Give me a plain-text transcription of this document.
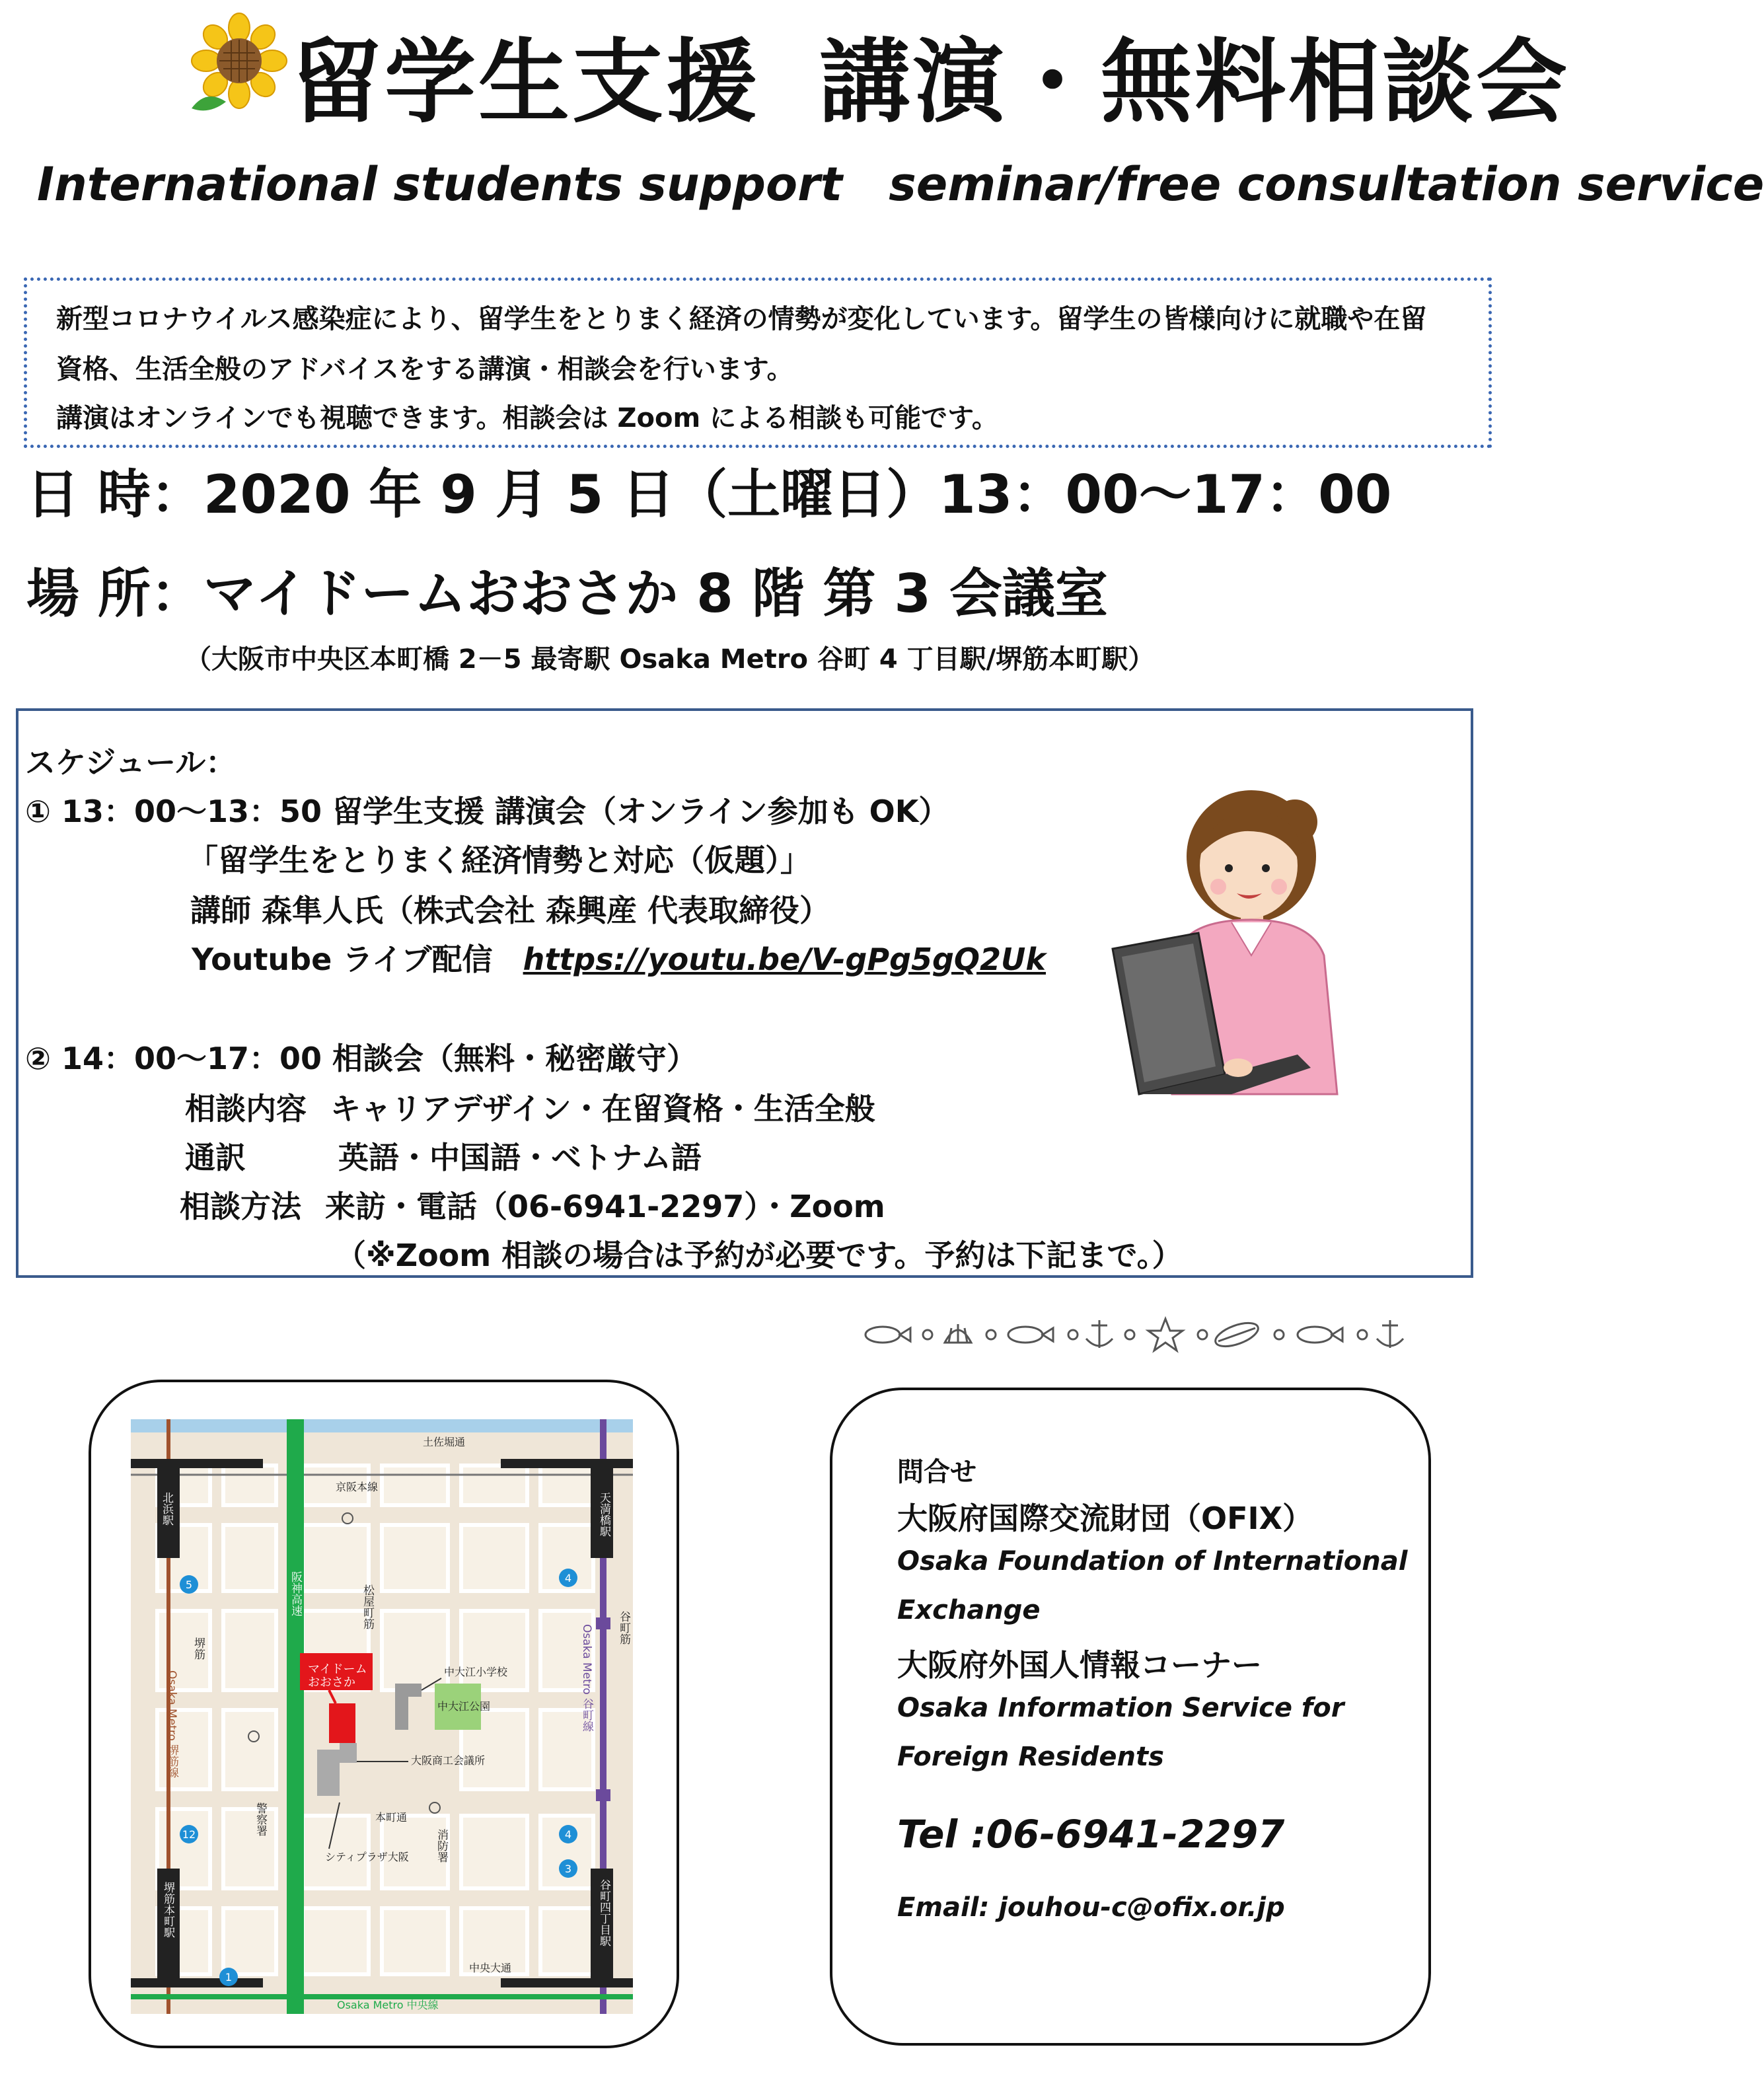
留学生支援 講演・無料相談会
International students support seminar/free consultation service
新型コロナウイルス感染症により、留学生をとりまく経済の情勢が変化しています。留学生の皆様向けに就職や在留
資格、生活全般のアドバイスをする講演・相談会を行います。
講演はオンラインでも視聴できます。相談会は Zoom による相談も可能です。
日 時：2020 年 9 月 5 日（土曜日）13：00～17：00
場 所：マイドームおおさか 8 階 第 3 会議室
（大阪市中央区本町橋 2－5 最寄駅 Osaka Metro 谷町 4 丁目駅/堺筋本町駅）
スケジュール：
① 13：00～13：50 留学生支援 講演会（オンライン参加も OK）
「留学生をとりまく経済情勢と対応（仮題）」
講師 森隼人氏（株式会社 森興産 代表取締役）
Youtube ライブ配信 https://youtu.be/V-gPg5gQ2Uk
② 14：00～17：00 相談会（無料・秘密厳守）
相談内容 キャリアデザイン・在留資格・生活全般
通訳	英語・中国語・ベトナム語
相談方法 来訪・電話（06-6941-2297）・Zoom
（※Zoom 相談の場合は予約が必要です。予約は下記まで。）
土佐堀通
京阪本線
マイドーム
おおさか
中大江小学校
中大江公園
大阪商工会議所
本町通
シティプラザ大阪
中央大通
Osaka Metro 中央線
北浜駅	天満橋駅
堺筋
Osaka Metro 堺筋線
阪神高速	松屋町筋	谷町筋
Osaka Metro 谷町線
警察署
消防署
堺筋本町駅	谷町四丁目駅
5
4
12	4
3
1
問合せ
大阪府国際交流財団（OFIX）
Osaka Foundation of International
Exchange
大阪府外国人情報コーナー
Osaka Information Service for
Foreign Residents
Tel :06-6941-2297
Email: jouhou-c@ofix.or.jp
